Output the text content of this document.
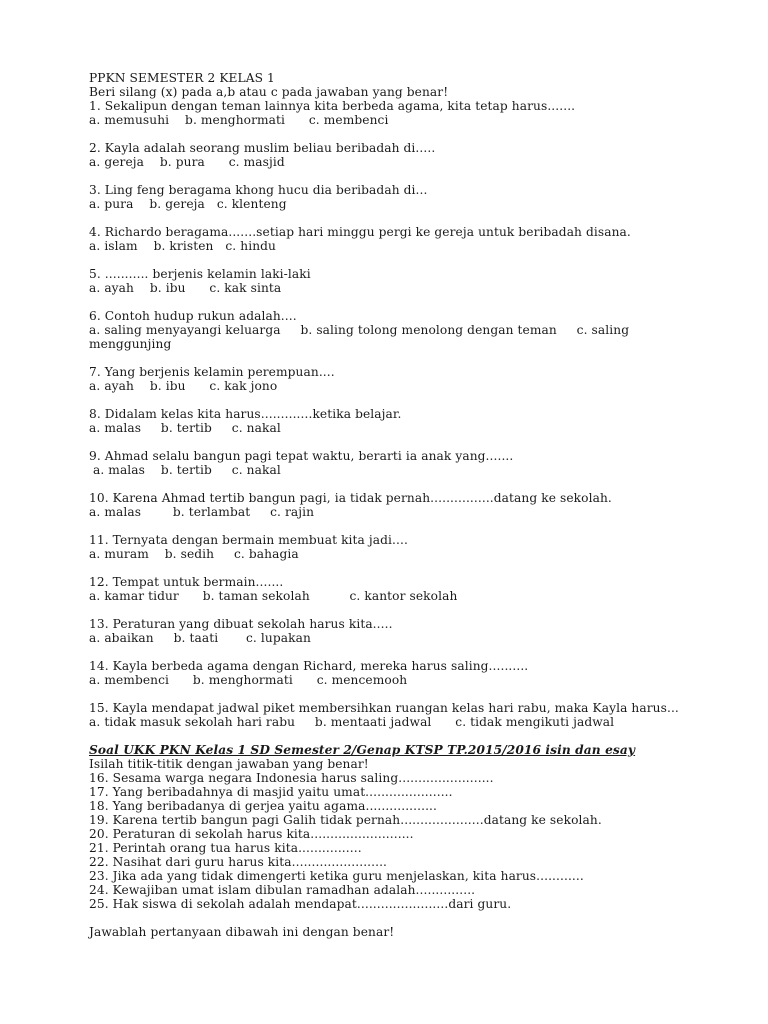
PPKN SEMESTER 2 KELAS 1
Beri silang (x) pada a,b atau c pada jawaban yang benar!
1. Sekalipun dengan teman lainnya kita berbeda agama, kita tetap harus.......
a. memusuhi    b. menghormati      c. membenci
2. Kayla adalah seorang muslim beliau beribadah di.....
a. gereja    b. pura      c. masjid
3. Ling feng beragama khong hucu dia beribadah di...
a. pura    b. gereja   c. klenteng
4. Richardo beragama.......setiap hari minggu pergi ke gereja untuk beribadah disana.
a. islam    b. kristen   c. hindu
5. ........... berjenis kelamin laki-laki
a. ayah    b. ibu      c. kak sinta
6. Contoh hudup rukun adalah....
a. saling menyayangi keluarga     b. saling tolong menolong dengan teman     c. saling
menggunjing
7. Yang berjenis kelamin perempuan....
a. ayah    b. ibu      c. kak jono
8. Didalam kelas kita harus.............ketika belajar.
a. malas     b. tertib     c. nakal
9. Ahmad selalu bangun pagi tepat waktu, berarti ia anak yang.......
a. malas    b. tertib     c. nakal
10. Karena Ahmad tertib bangun pagi, ia tidak pernah................datang ke sekolah.
a. malas        b. terlambat     c. rajin
11. Ternyata dengan bermain membuat kita jadi....
a. muram    b. sedih     c. bahagia
12. Tempat untuk bermain.......
a. kamar tidur      b. taman sekolah          c. kantor sekolah
13. Peraturan yang dibuat sekolah harus kita.....
a. abaikan     b. taati       c. lupakan
14. Kayla berbeda agama dengan Richard, mereka harus saling..........
a. membenci      b. menghormati      c. mencemooh
15. Kayla mendapat jadwal piket membersihkan ruangan kelas hari rabu, maka Kayla harus...
a. tidak masuk sekolah hari rabu     b. mentaati jadwal      c. tidak mengikuti jadwal
Soal UKK PKN Kelas 1 SD Semester 2/Genap KTSP TP.2015/2016 isin dan esay
Isilah titik-titik dengan jawaban yang benar!
16. Sesama warga negara Indonesia harus saling........................
17. Yang beribadahnya di masjid yaitu umat......................
18. Yang beribadanya di gerjea yaitu agama..................
19. Karena tertib bangun pagi Galih tidak pernah.....................datang ke sekolah.
20. Peraturan di sekolah harus kita..........................
21. Perintah orang tua harus kita................
22. Nasihat dari guru harus kita........................
23. Jika ada yang tidak dimengerti ketika guru menjelaskan, kita harus............
24. Kewajiban umat islam dibulan ramadhan adalah...............
25. Hak siswa di sekolah adalah mendapat.......................dari guru.
Jawablah pertanyaan dibawah ini dengan benar!
